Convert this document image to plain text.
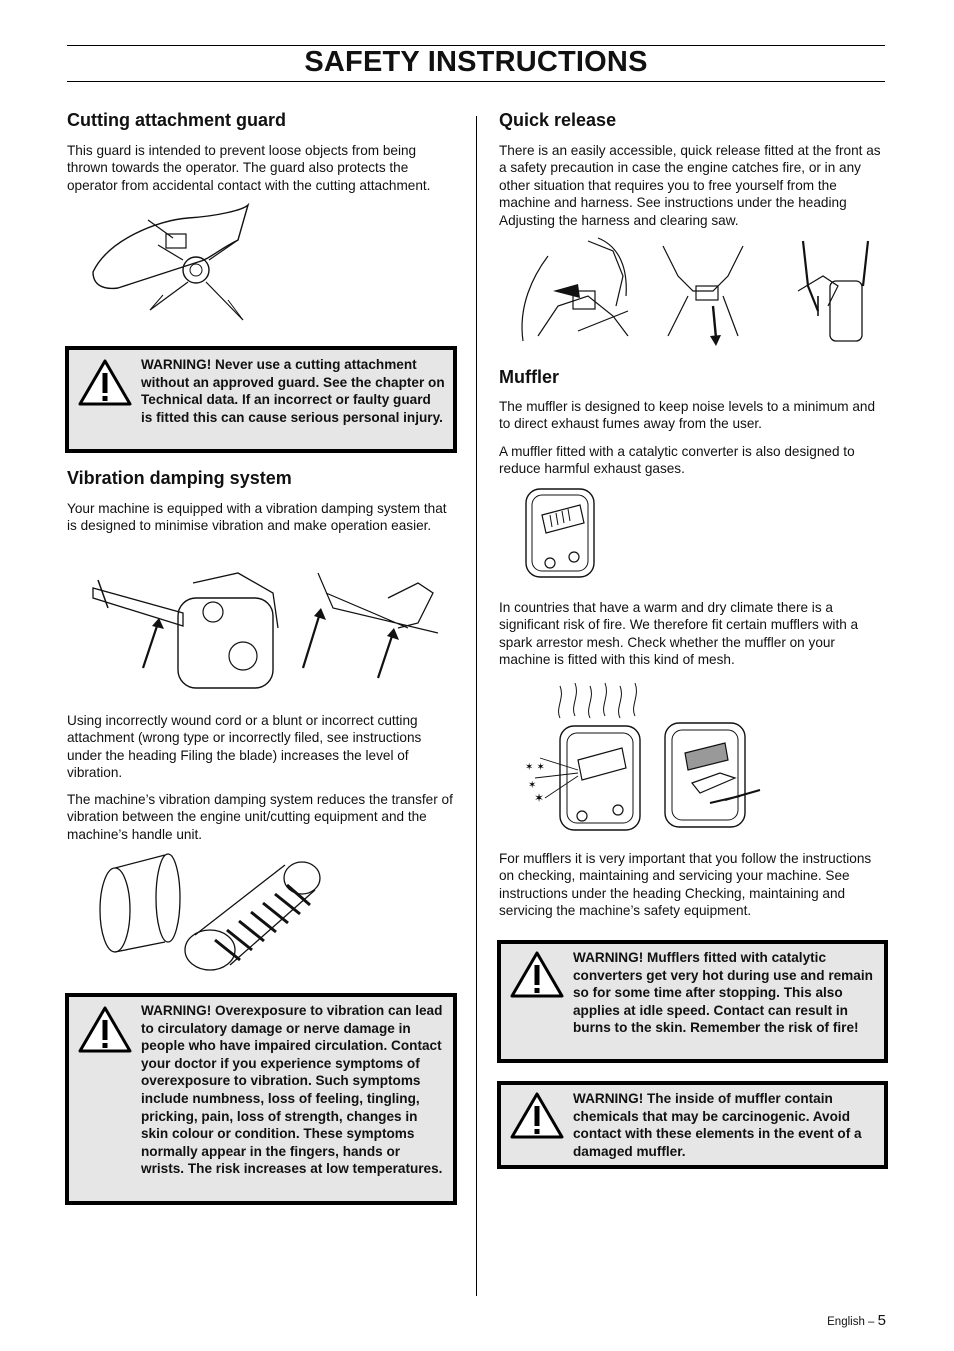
SAFETY INSTRUCTIONS
Cutting attachment guard
This guard is intended to prevent loose objects from being thrown towards the operator. The guard also protects the operator from accidental contact with the cutting attachment.
WARNING! Never use a cutting attachment without an approved guard. See the chapter on Technical data. If an incorrect or faulty guard is fitted this can cause serious personal injury.
Vibration damping system
Your machine is equipped with a vibration damping system that is designed to minimise vibration and make operation easier.
Using incorrectly wound cord or a blunt or incorrect cutting attachment (wrong type or incorrectly filed, see instructions under the heading Filing the blade) increases the level of vibration.
The machine’s vibration damping system reduces the transfer of vibration between the engine unit/cutting equipment and the machine’s handle unit.
WARNING! Overexposure to vibration can lead to circulatory damage or nerve damage in people who have impaired circulation. Contact your doctor if you experience symptoms of overexposure to vibration. Such symptoms include numbness, loss of feeling, tingling, pricking, pain, loss of strength, changes in skin colour or condition. These symptoms normally appear in the fingers, hands or wrists. The risk increases at low temperatures.
Quick release
There is an easily accessible, quick release fitted at the front as a safety precaution in case the engine catches fire, or in any other situation that requires you to free yourself from the machine and harness. See instructions under the heading Adjusting the harness and clearing saw.
Muffler
The muffler is designed to keep noise levels to a minimum and to direct exhaust fumes away from the user.
A muffler fitted with a catalytic converter is also designed to reduce harmful exhaust gases.
In countries that have a warm and dry climate there is a significant risk of fire. We therefore fit certain mufflers with a spark arrestor mesh. Check whether the muffler on your machine is fitted with this kind of mesh.
✶ ✶
✶
✶
For mufflers it is very important that you follow the instructions on checking, maintaining and servicing your machine. See instructions under the heading Checking, maintaining and servicing the machine’s safety equipment.
WARNING! Mufflers fitted with catalytic converters get very hot during use and remain so for some time after stopping. This also applies at idle speed. Contact can result in burns to the skin. Remember the risk of fire!
WARNING! The inside of muffler contain chemicals that may be carcinogenic. Avoid contact with these elements in the event of a damaged muffler.
English – 5
